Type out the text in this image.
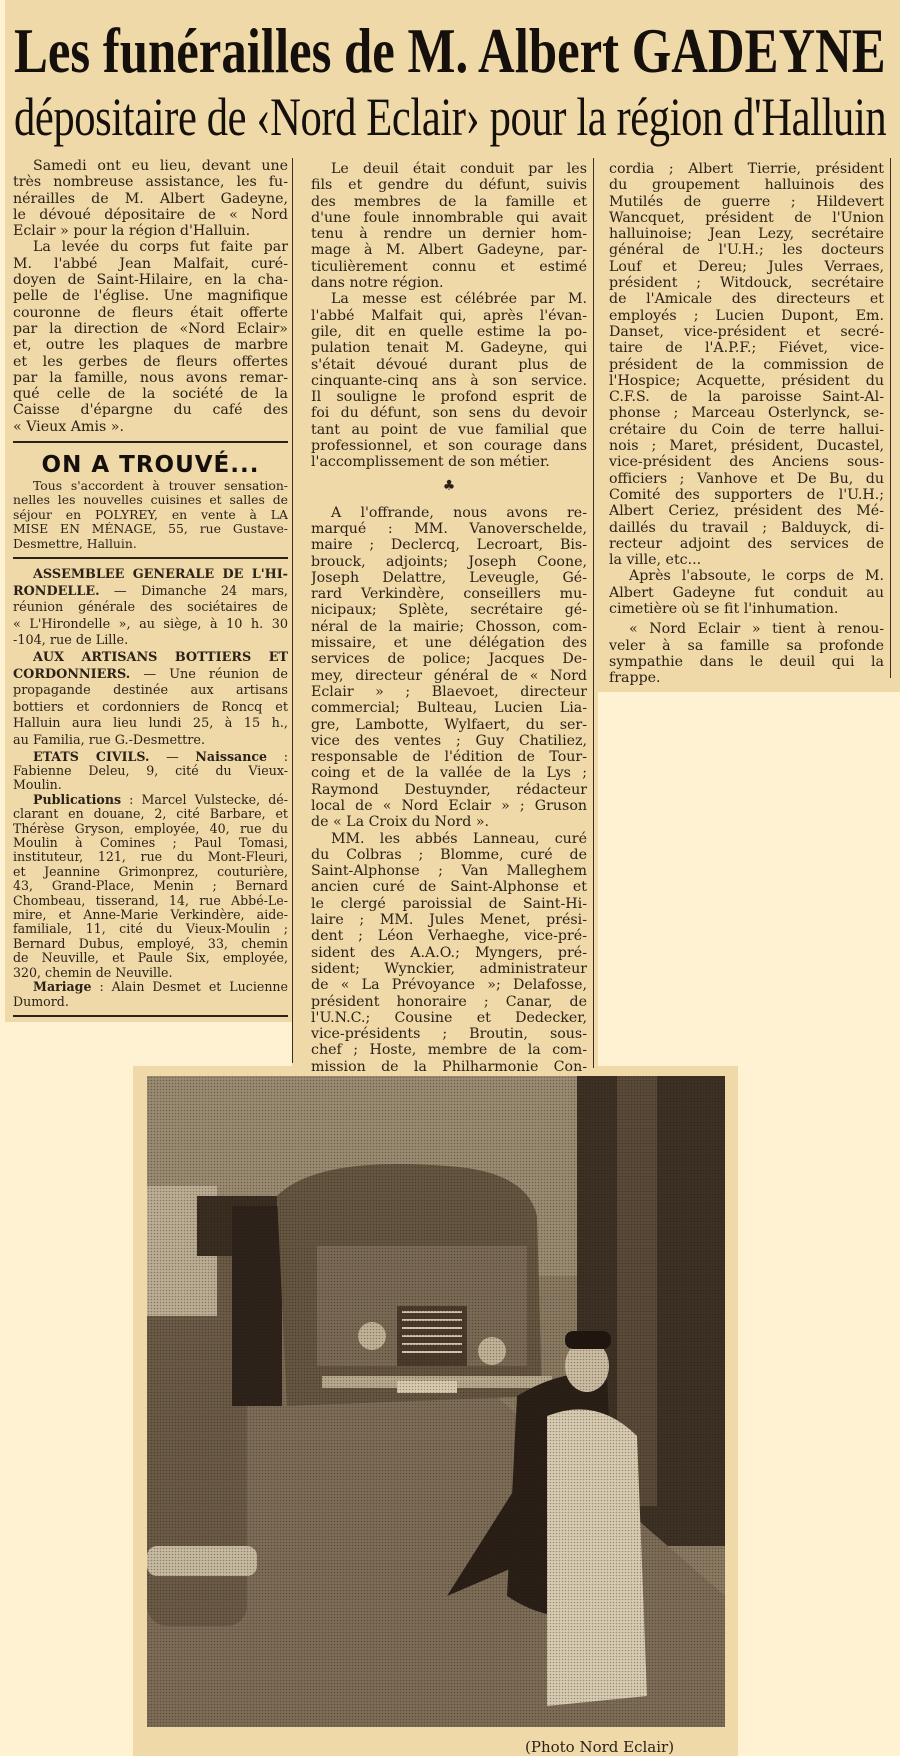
Les funérailles de M. Albert GADEYNE
dépositaire de ‹Nord Eclair› pour la région d'Halluin
Samedi ont eu lieu, devant une
très nombreuse assistance, les fu-
nérailles de M. Albert Gadeyne,
le dévoué dépositaire de « Nord
Eclair » pour la région d'Halluin.
La levée du corps fut faite par
M. l'abbé Jean Malfait, curé-
doyen de Saint-Hilaire, en la cha-
pelle de l'église. Une magnifique
couronne de fleurs était offerte
par la direction de «Nord Eclair»
et, outre les plaques de marbre
et les gerbes de fleurs offertes
par la famille, nous avons remar-
qué celle de la société de la
Caisse d'épargne du café des
« Vieux Amis ».
ON A TROUVÉ...
Tous s'accordent à trouver sensation-
nelles les nouvelles cuisines et salles de
séjour en POLYREY, en vente à LA
MISE EN MÉNAGE, 55, rue Gustave-
Desmettre, Halluin.
ASSEMBLEE GENERALE DE L'HI-
RONDELLE. — Dimanche 24 mars,
réunion générale des sociétaires de
« L'Hirondelle », au siège, à 10 h. 30
-104, rue de Lille.
AUX ARTISANS BOTTIERS ET
CORDONNIERS. — Une réunion de
propagande destinée aux artisans
bottiers et cordonniers de Roncq et
Halluin aura lieu lundi 25, à 15 h.,
au Familia, rue G.-Desmettre.
ETATS CIVILS. — Naissance :
Fabienne Deleu, 9, cité du Vieux-
Moulin.
Publications : Marcel Vulstecke, dé-
clarant en douane, 2, cité Barbare, et
Thérèse Gryson, employée, 40, rue du
Moulin à Comines ; Paul Tomasi,
instituteur, 121, rue du Mont-Fleuri,
et Jeannine Grimonprez, couturière,
43, Grand-Place, Menin ; Bernard
Chombeau, tisserand, 14, rue Abbé-Le-
mire, et Anne-Marie Verkindère, aide-
familiale, 11, cité du Vieux-Moulin ;
Bernard Dubus, employé, 33, chemin
de Neuville, et Paule Six, employée,
320, chemin de Neuville.
Mariage : Alain Desmet et Lucienne
Dumord.
Le deuil était conduit par les
fils et gendre du défunt, suivis
des membres de la famille et
d'une foule innombrable qui avait
tenu à rendre un dernier hom-
mage à M. Albert Gadeyne, par-
ticulièrement connu et estimé
dans notre région.
La messe est célébrée par M.
l'abbé Malfait qui, après l'évan-
gile, dit en quelle estime la po-
pulation tenait M. Gadeyne, qui
s'était dévoué durant plus de
cinquante-cinq ans à son service.
Il souligne le profond esprit de
foi du défunt, son sens du devoir
tant au point de vue familial que
professionnel, et son courage dans
l'accomplissement de son métier.
♣
A l'offrande, nous avons re-
marqué : MM. Vanoverschelde,
maire ; Declercq, Lecroart, Bis-
brouck, adjoints; Joseph Coone,
Joseph Delattre, Leveugle, Gé-
rard Verkindère, conseillers mu-
nicipaux; Splète, secrétaire gé-
néral de la mairie; Chosson, com-
missaire, et une délégation des
services de police; Jacques De-
mey, directeur général de « Nord
Eclair » ; Blaevoet, directeur
commercial; Bulteau, Lucien Lia-
gre, Lambotte, Wylfaert, du ser-
vice des ventes ; Guy Chatiliez,
responsable de l'édition de Tour-
coing et de la vallée de la Lys ;
Raymond Destuynder, rédacteur
local de « Nord Eclair » ; Gruson
de « La Croix du Nord ».
MM. les abbés Lanneau, curé
du Colbras ; Blomme, curé de
Saint-Alphonse ; Van Malleghem
ancien curé de Saint-Alphonse et
le clergé paroissial de Saint-Hi-
laire ; MM. Jules Menet, prési-
dent ; Léon Verhaeghe, vice-pré-
sident des A.A.O.; Myngers, pré-
sident; Wynckier, administrateur
de « La Prévoyance »; Delafosse,
président honoraire ; Canar, de
l'U.N.C.; Cousine et Dedecker,
vice-présidents ; Broutin, sous-
chef ; Hoste, membre de la com-
mission de la Philharmonie Con-
cordia ; Albert Tierrie, président
du groupement halluinois des
Mutilés de guerre ; Hildevert
Wancquet, président de l'Union
halluinoise; Jean Lezy, secrétaire
général de l'U.H.; les docteurs
Louf et Dereu; Jules Verraes,
président ; Witdouck, secrétaire
de l'Amicale des directeurs et
employés ; Lucien Dupont, Em.
Danset, vice-président et secré-
taire de l'A.P.F.; Fiévet, vice-
président de la commission de
l'Hospice; Acquette, président du
C.F.S. de la paroisse Saint-Al-
phonse ; Marceau Osterlynck, se-
crétaire du Coin de terre hallui-
nois ; Maret, président, Ducastel,
vice-président des Anciens sous-
officiers ; Vanhove et De Bu, du
Comité des supporters de l'U.H.;
Albert Ceriez, président des Mé-
daillés du travail ; Balduyck, di-
recteur adjoint des services de
la ville, etc...
Après l'absoute, le corps de M.
Albert Gadeyne fut conduit au
cimetière où se fit l'inhumation.
« Nord Eclair » tient à renou-
veler à sa famille sa profonde
sympathie dans le deuil qui la
frappe.
(Photo Nord Eclair)
